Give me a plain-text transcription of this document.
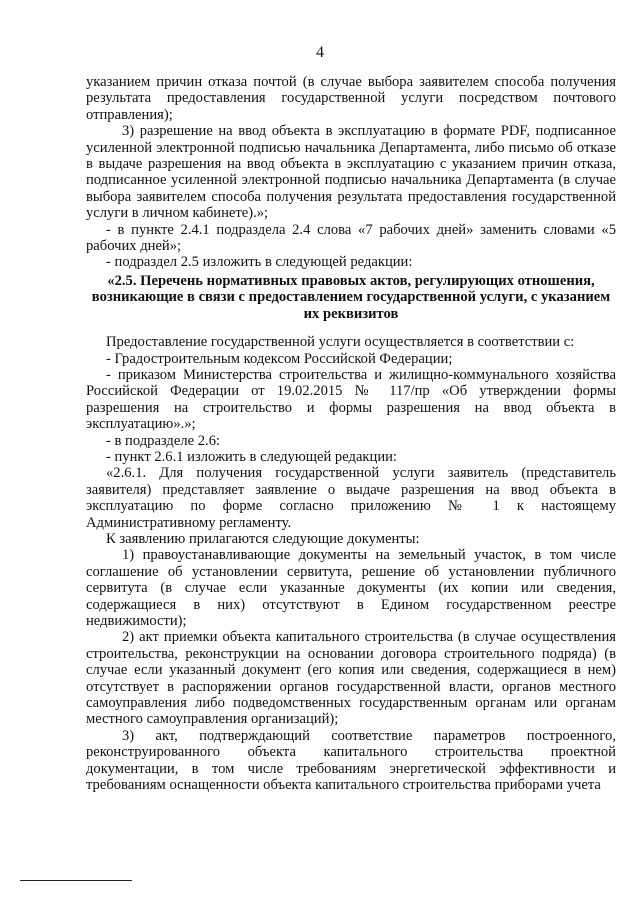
4

указанием причин отказа почтой (в случае выбора заявителем способа получения результата предоставления государственной услуги посредством почтового отправления);

3) разрешение на ввод объекта в эксплуатацию в формате PDF, подписанное усиленной электронной подписью начальника Департамента, либо письмо об отказе в выдаче разрешения на ввод объекта в эксплуатацию с указанием причин отказа, подписанное усиленной электронной подписью начальника Департамента (в случае выбора заявителем способа получения результата предоставления государственной услуги в личном кабинете).»;

- в пункте 2.4.1 подраздела 2.4 слова «7 рабочих дней» заменить словами «5 рабочих дней»;

- подраздел 2.5 изложить в следующей редакции:

«2.5. Перечень нормативных правовых актов, регулирующих отношения, возникающие в связи с предоставлением государственной услуги, с указанием их реквизитов

Предоставление государственной услуги осуществляется в соответствии с:

- Градостроительным кодексом Российской Федерации;

- приказом Министерства строительства и жилищно-коммунального хозяйства Российской Федерации от 19.02.2015 № 117/пр «Об утверждении формы разрешения на строительство и формы разрешения на ввод объекта в эксплуатацию».»;

- в подразделе 2.6:

- пункт 2.6.1 изложить в следующей редакции:

«2.6.1. Для получения государственной услуги заявитель (представитель заявителя) представляет заявление о выдаче разрешения на ввод объекта в эксплуатацию по форме согласно приложению № 1 к настоящему Административному регламенту.

К заявлению прилагаются следующие документы:

1) правоустанавливающие документы на земельный участок, в том числе соглашение об установлении сервитута, решение об установлении публичного сервитута (в случае если указанные документы (их копии или сведения, содержащиеся в них) отсутствуют в Едином государственном реестре недвижимости);

2) акт приемки объекта капитального строительства (в случае осуществления строительства, реконструкции на основании договора строительного подряда) (в случае если указанный документ (его копия или сведения, содержащиеся в нем) отсутствует в распоряжении органов государственной власти, органов местного самоуправления либо подведомственных государственным органам или органам местного самоуправления организаций);

3) акт, подтверждающий соответствие параметров построенного, реконструированного объекта капитального строительства проектной документации, в том числе требованиям энергетической эффективности и требованиям оснащенности объекта капитального строительства приборами учета
